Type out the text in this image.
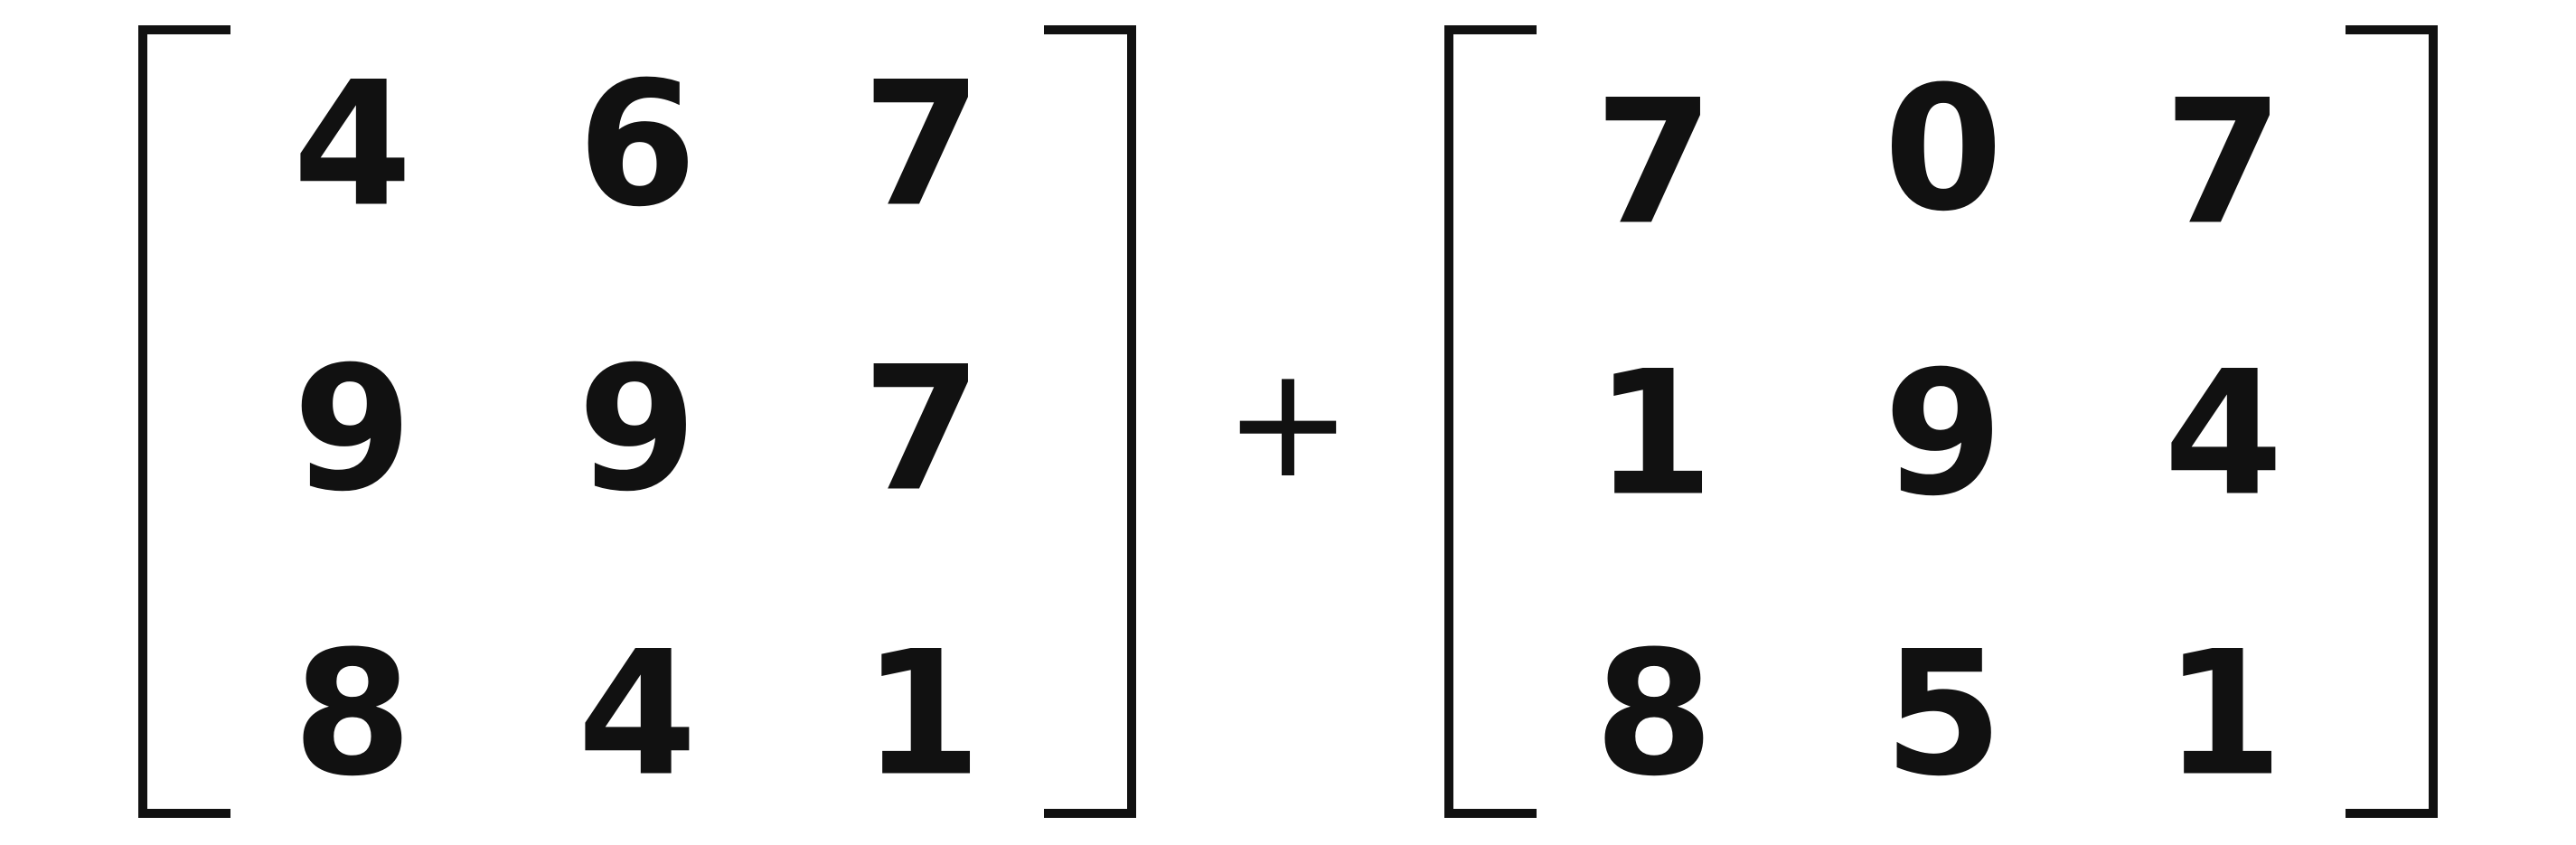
4 6 7
9 9 7
8 4 1
+
7 0 7
1 9 4
8 5 1
